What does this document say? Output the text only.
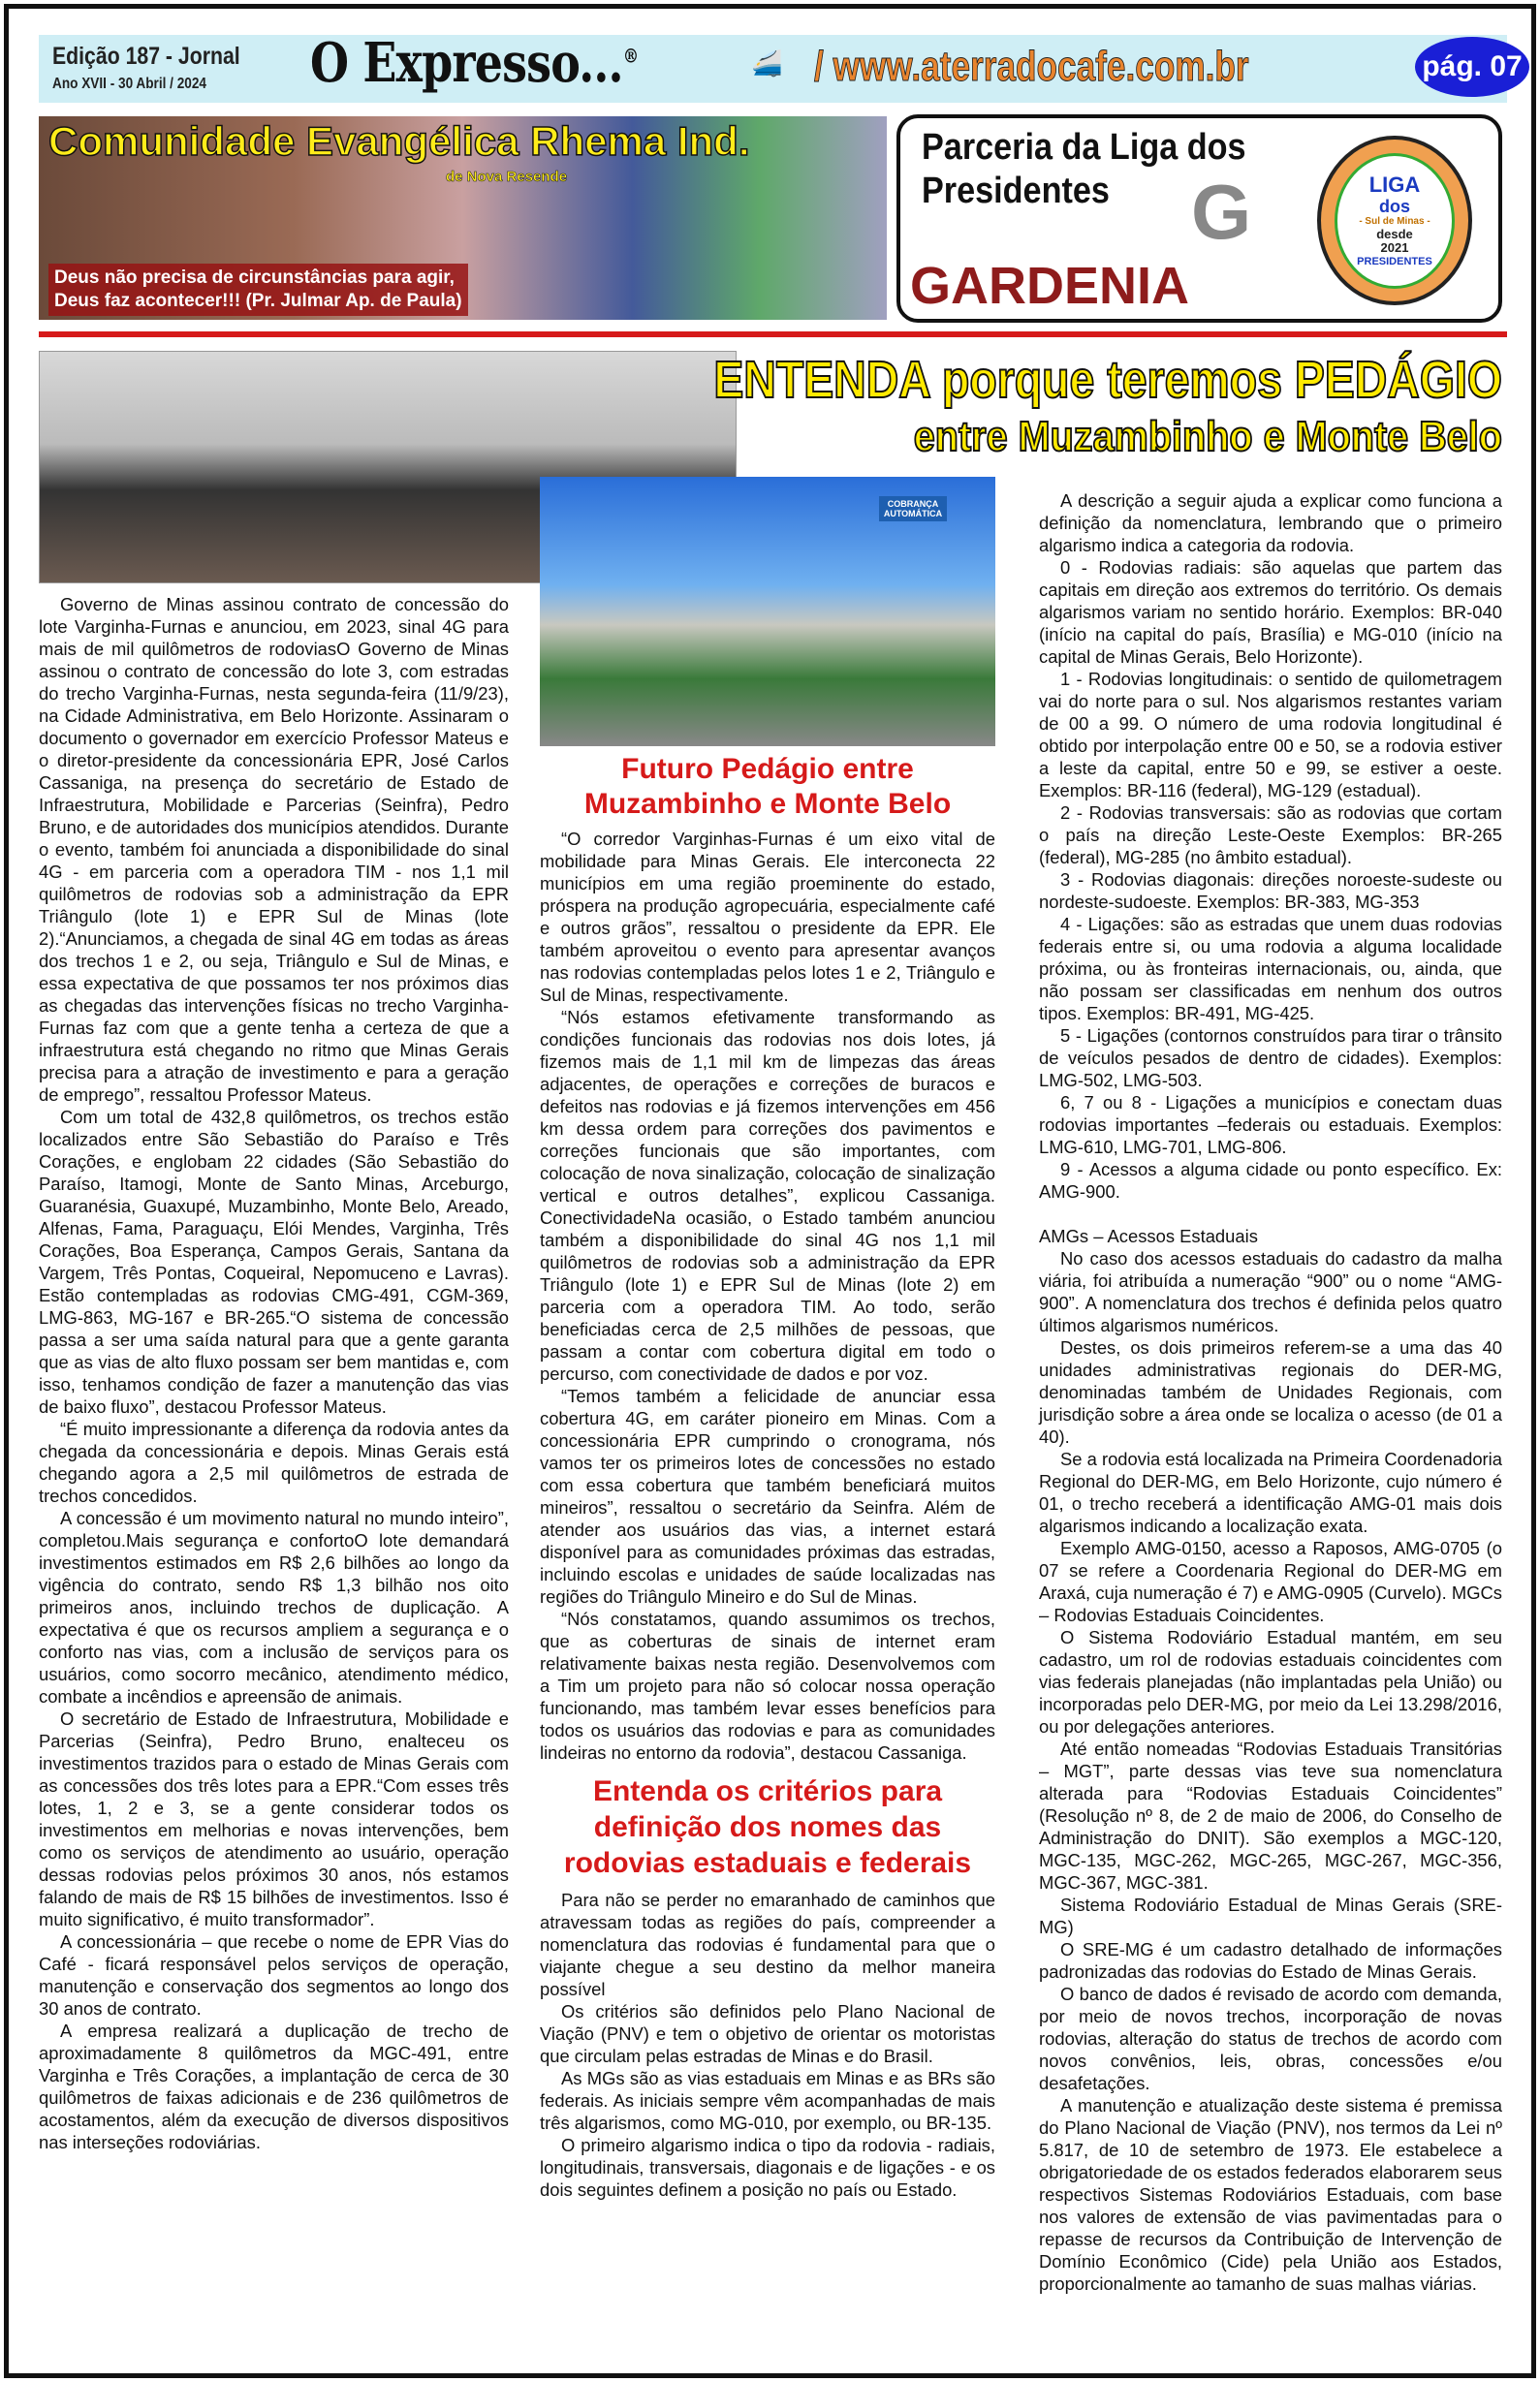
Edição 187 - Jornal
Ano XVII - 30 Abril / 2024 O Expresso...®	🚄 / www.aterradocafe.com.br	pág. 07
Comunidade Evangélica Rhema Ind.
de Nova Resende
Deus não precisa de circunstâncias para agir,
Deus faz acontecer!!! (Pr. Julmar Ap. de Paula)
Parceria da Liga dos
Presidentes	G
GARDENIA
LIGA
dos
- Sul de Minas -
desde
2021
PRESIDENTES
ENTENDA porque teremos PEDÁGIO
entre Muzambinho e Monte Belo
COBRANÇA AUTOMÁTICA

Governo de Minas assinou contrato de concessão do lote Varginha-Furnas e anunciou, em 2023, sinal 4G para mais de mil quilômetros de rodoviasO Governo de Minas assinou o contrato de concessão do lote 3, com estradas do trecho Varginha-Furnas, nesta segunda-feira (11/9/23), na Cidade Administrativa, em Belo Horizonte. Assinaram o documento o governador em exercício Professor Mateus e o diretor-presidente da concessionária EPR, José Carlos Cassaniga, na presença do secretário de Estado de Infraestrutura, Mobilidade e Parcerias (Seinfra), Pedro Bruno, e de autoridades dos municípios atendidos. Durante o evento, também foi anunciada a disponibilidade do sinal 4G - em parceria com a operadora TIM - nos 1,1 mil quilômetros de rodovias sob a administração da EPR Triângulo (lote 1) e EPR Sul de Minas (lote 2).“Anunciamos, a chegada de sinal 4G em todas as áreas dos trechos 1 e 2, ou seja, Triângulo e Sul de Minas, e essa expectativa de que possamos ter nos próximos dias as chegadas das intervenções físicas no trecho Varginha-Furnas faz com que a gente tenha a certeza de que a infraestrutura está chegando no ritmo que Minas Gerais precisa para a atração de investimento e para a geração de emprego”, ressaltou Professor Mateus.

Com um total de 432,8 quilômetros, os trechos estão localizados entre São Sebastião do Paraíso e Três Corações, e englobam 22 cidades (São Sebastião do Paraíso, Itamogi, Monte de Santo Minas, Arceburgo, Guaranésia, Guaxupé, Muzambinho, Monte Belo, Areado, Alfenas, Fama, Paraguaçu, Elói Mendes, Varginha, Três Corações, Boa Esperança, Campos Gerais, Santana da Vargem, Três Pontas, Coqueiral, Nepomuceno e Lavras). Estão contempladas as rodovias CMG-491, CGM-369, LMG-863, MG-167 e BR-265.“O sistema de concessão passa a ser uma saída natural para que a gente garanta que as vias de alto fluxo possam ser bem mantidas e, com isso, tenhamos condição de fazer a manutenção das vias de baixo fluxo”, destacou Professor Mateus.

“É muito impressionante a diferença da rodovia antes da chegada da concessionária e depois. Minas Gerais está chegando agora a 2,5 mil quilômetros de estrada de trechos concedidos.

A concessão é um movimento natural no mundo inteiro”, completou.Mais segurança e confortoO lote demandará investimentos estimados em R$ 2,6 bilhões ao longo da vigência do contrato, sendo R$ 1,3 bilhão nos oito primeiros anos, incluindo trechos de duplicação. A expectativa é que os recursos ampliem a segurança e o conforto nas vias, com a inclusão de serviços para os usuários, como socorro mecânico, atendimento médico, combate a incêndios e apreensão de animais.

O secretário de Estado de Infraestrutura, Mobilidade e Parcerias (Seinfra), Pedro Bruno, enalteceu os investimentos trazidos para o estado de Minas Gerais com as concessões dos três lotes para a EPR.“Com esses três lotes, 1, 2 e 3, se a gente considerar todos os investimentos em melhorias e novas intervenções, bem como os serviços de atendimento ao usuário, operação dessas rodovias pelos próximos 30 anos, nós estamos falando de mais de R$ 15 bilhões de investimentos. Isso é muito significativo, é muito transformador”.

A concessionária – que recebe o nome de EPR Vias do Café - ficará responsável pelos serviços de operação, manutenção e conservação dos segmentos ao longo dos 30 anos de contrato.

A empresa realizará a duplicação de trecho de aproximadamente 8 quilômetros da MGC-491, entre Varginha e Três Corações, a implantação de cerca de 30 quilômetros de faixas adicionais e de 236 quilômetros de acostamentos, além da execução de diversos dispositivos nas interseções rodoviárias.

Futuro Pedágio entre Muzambinho e Monte Belo

“O corredor Varginhas-Furnas é um eixo vital de mobilidade para Minas Gerais. Ele interconecta 22 municípios em uma região proeminente do estado, próspera na produção agropecuária, especialmente café e outros grãos”, ressaltou o presidente da EPR. Ele também aproveitou o evento para apresentar avanços nas rodovias contempladas pelos lotes 1 e 2, Triângulo e Sul de Minas, respectivamente.

“Nós estamos efetivamente transformando as condições funcionais das rodovias nos dois lotes, já fizemos mais de 1,1 mil km de limpezas das áreas adjacentes, de operações e correções de buracos e defeitos nas rodovias e já fizemos intervenções em 456 km dessa ordem para correções dos pavimentos e correções funcionais que são importantes, com colocação de nova sinalização, colocação de sinalização vertical e outros detalhes”, explicou Cassaniga. ConectividadeNa ocasião, o Estado também anunciou também a disponibilidade do sinal 4G nos 1,1 mil quilômetros de rodovias sob a administração da EPR Triângulo (lote 1) e EPR Sul de Minas (lote 2) em parceria com a operadora TIM. Ao todo, serão beneficiadas cerca de 2,5 milhões de pessoas, que passam a contar com cobertura digital em todo o percurso, com conectividade de dados e por voz.

“Temos também a felicidade de anunciar essa cobertura 4G, em caráter pioneiro em Minas. Com a concessionária EPR cumprindo o cronograma, nós vamos ter os primeiros lotes de concessões no estado com essa cobertura que também beneficiará muitos mineiros”, ressaltou o secretário da Seinfra. Além de atender aos usuários das vias, a internet estará disponível para as comunidades próximas das estradas, incluindo escolas e unidades de saúde localizadas nas regiões do Triângulo Mineiro e do Sul de Minas.

“Nós constatamos, quando assumimos os trechos, que as coberturas de sinais de internet eram relativamente baixas nesta região. Desenvolvemos com a Tim um projeto para não só colocar nossa operação funcionando, mas também levar esses benefícios para todos os usuários das rodovias e para as comunidades lindeiras no entorno da rodovia”, destacou Cassaniga.

Entenda os critérios para definição dos nomes das rodovias estaduais e federais

Para não se perder no emaranhado de caminhos que atravessam todas as regiões do país, compreender a nomenclatura das rodovias é fundamental para que o viajante chegue a seu destino da melhor maneira possível

Os critérios são definidos pelo Plano Nacional de Viação (PNV) e tem o objetivo de orientar os motoristas que circulam pelas estradas de Minas e do Brasil.

As MGs são as vias estaduais em Minas e as BRs são federais. As iniciais sempre vêm acompanhadas de mais três algarismos, como MG-010, por exemplo, ou BR-135.

O primeiro algarismo indica o tipo da rodovia - radiais, longitudinais, transversais, diagonais e de ligações - e os dois seguintes definem a posição no país ou Estado.

A descrição a seguir ajuda a explicar como funciona a definição da nomenclatura, lembrando que o primeiro algarismo indica a categoria da rodovia.

0 - Rodovias radiais: são aquelas que partem das capitais em direção aos extremos do território. Os demais algarismos variam no sentido horário. Exemplos: BR-040 (início na capital do país, Brasília) e MG-010 (início na capital de Minas Gerais, Belo Horizonte).

1 - Rodovias longitudinais: o sentido de quilometragem vai do norte para o sul. Nos algarismos restantes variam de 00 a 99. O número de uma rodovia longitudinal é obtido por interpolação entre 00 e 50, se a rodovia estiver a leste da capital, entre 50 e 99, se estiver a oeste. Exemplos: BR-116 (federal), MG-129 (estadual).

2 - Rodovias transversais: são as rodovias que cortam o país na direção Leste-Oeste Exemplos: BR-265 (federal), MG-285 (no âmbito estadual).

3 - Rodovias diagonais: direções noroeste-sudeste ou nordeste-sudoeste. Exemplos: BR-383, MG-353

4 - Ligações: são as estradas que unem duas rodovias federais entre si, ou uma rodovia a alguma localidade próxima, ou às fronteiras internacionais, ou, ainda, que não possam ser classificadas em nenhum dos outros tipos. Exemplos: BR-491, MG-425.

5 - Ligações (contornos construídos para tirar o trânsito de veículos pesados de dentro de cidades). Exemplos: LMG-502, LMG-503.

6, 7 ou 8 - Ligações a municípios e conectam duas rodovias importantes –federais ou estaduais. Exemplos: LMG-610, LMG-701, LMG-806.

9 - Acessos a alguma cidade ou ponto específico. Ex: AMG-900.

AMGs – Acessos Estaduais

No caso dos acessos estaduais do cadastro da malha viária, foi atribuída a numeração “900” ou o nome “AMG-900”. A nomenclatura dos trechos é definida pelos quatro últimos algarismos numéricos.

Destes, os dois primeiros referem-se a uma das 40 unidades administrativas regionais do DER-MG, denominadas também de Unidades Regionais, com jurisdição sobre a área onde se localiza o acesso (de 01 a 40).

Se a rodovia está localizada na Primeira Coordenadoria Regional do DER-MG, em Belo Horizonte, cujo número é 01, o trecho receberá a identificação AMG-01 mais dois algarismos indicando a localização exata.

Exemplo AMG-0150, acesso a Raposos, AMG-0705 (o 07 se refere a Coordenaria Regional do DER-MG em Araxá, cuja numeração é 7) e AMG-0905 (Curvelo). MGCs – Rodovias Estaduais Coincidentes.

O Sistema Rodoviário Estadual mantém, em seu cadastro, um rol de rodovias estaduais coincidentes com vias federais planejadas (não implantadas pela União) ou incorporadas pelo DER-MG, por meio da Lei 13.298/2016, ou por delegações anteriores.

Até então nomeadas “Rodovias Estaduais Transitórias – MGT”, parte dessas vias teve sua nomenclatura alterada para “Rodovias Estaduais Coincidentes” (Resolução nº 8, de 2 de maio de 2006, do Conselho de Administração do DNIT). São exemplos a MGC-120, MGC-135, MGC-262, MGC-265, MGC-267, MGC-356, MGC-367, MGC-381.

Sistema Rodoviário Estadual de Minas Gerais (SRE-MG)

O SRE-MG é um cadastro detalhado de informações padronizadas das rodovias do Estado de Minas Gerais.

O banco de dados é revisado de acordo com demanda, por meio de novos trechos, incorporação de novas rodovias, alteração do status de trechos de acordo com novos convênios, leis, obras, concessões e/ou desafetações.

A manutenção e atualização deste sistema é premissa do Plano Nacional de Viação (PNV), nos termos da Lei nº 5.817, de 10 de setembro de 1973. Ele estabelece a obrigatoriedade de os estados federados elaborarem seus respectivos Sistemas Rodoviários Estaduais, com base nos valores de extensão de vias pavimentadas para o repasse de recursos da Contribuição de Intervenção de Domínio Econômico (Cide) pela União aos Estados, proporcionalmente ao tamanho de suas malhas viárias.
